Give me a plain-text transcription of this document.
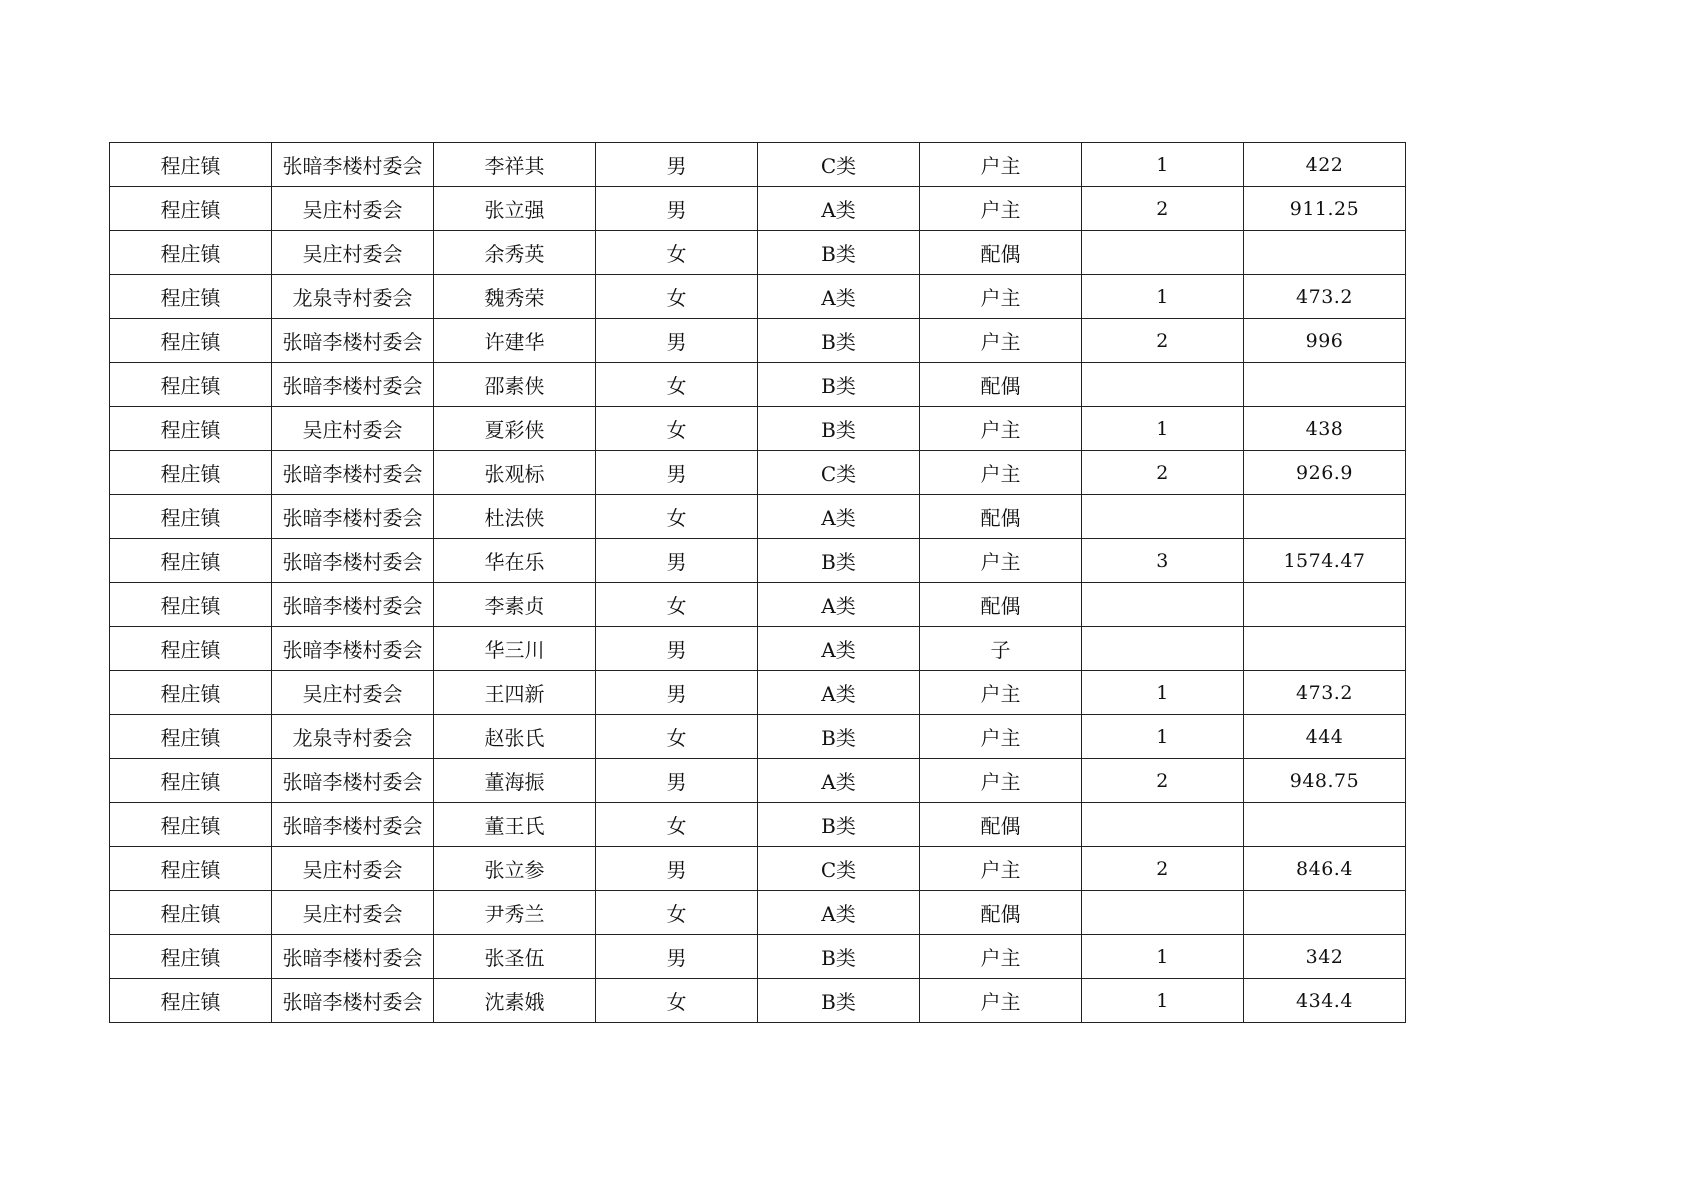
程庄镇	张暗李楼村委会	李祥其	男	C类	户主	1	422
程庄镇	吴庄村委会	张立强	男	A类	户主	2	911.25
程庄镇	吴庄村委会	余秀英	女	B类	配偶		
程庄镇	龙泉寺村委会	魏秀荣	女	A类	户主	1	473.2
程庄镇	张暗李楼村委会	许建华	男	B类	户主	2	996
程庄镇	张暗李楼村委会	邵素侠	女	B类	配偶		
程庄镇	吴庄村委会	夏彩侠	女	B类	户主	1	438
程庄镇	张暗李楼村委会	张观标	男	C类	户主	2	926.9
程庄镇	张暗李楼村委会	杜法侠	女	A类	配偶		
程庄镇	张暗李楼村委会	华在乐	男	B类	户主	3	1574.47
程庄镇	张暗李楼村委会	李素贞	女	A类	配偶		
程庄镇	张暗李楼村委会	华三川	男	A类	子		
程庄镇	吴庄村委会	王四新	男	A类	户主	1	473.2
程庄镇	龙泉寺村委会	赵张氏	女	B类	户主	1	444
程庄镇	张暗李楼村委会	董海振	男	A类	户主	2	948.75
程庄镇	张暗李楼村委会	董王氏	女	B类	配偶		
程庄镇	吴庄村委会	张立参	男	C类	户主	2	846.4
程庄镇	吴庄村委会	尹秀兰	女	A类	配偶		
程庄镇	张暗李楼村委会	张圣伍	男	B类	户主	1	342
程庄镇	张暗李楼村委会	沈素娥	女	B类	户主	1	434.4
